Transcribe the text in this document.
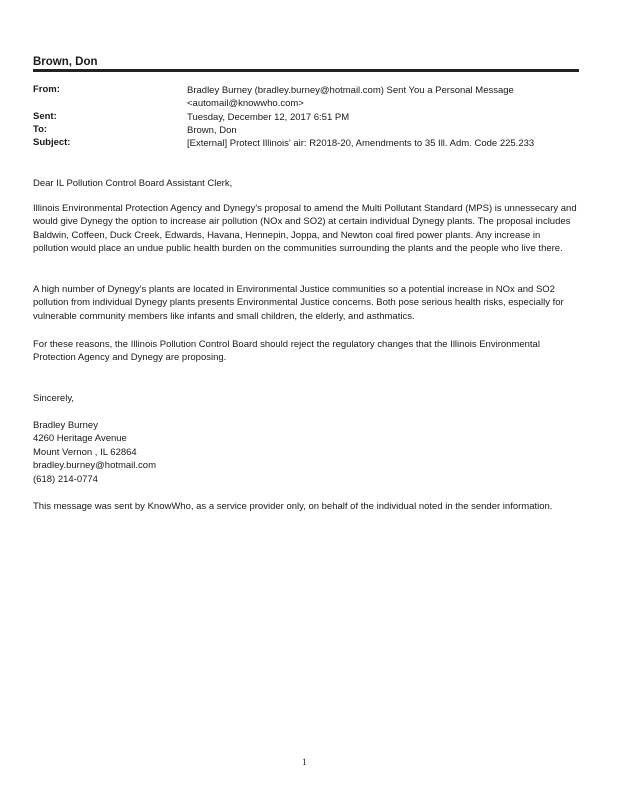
Brown, Don
From:	Bradley Burney (bradley.burney@hotmail.com) Sent You a Personal Message <automail@knowwho.com>
Sent:	Tuesday, December 12, 2017 6:51 PM
To:	Brown, Don
Subject:	[External] Protect Illinois' air: R2018-20, Amendments to 35 Ill. Adm. Code 225.233
Dear IL Pollution Control Board Assistant Clerk,
Illinois Environmental Protection Agency and Dynegy's proposal to amend the Multi Pollutant Standard (MPS) is unnessecary and would give Dynegy the option to increase air pollution (NOx and SO2) at certain individual Dynegy plants. The proposal includes Baldwin, Coffeen, Duck Creek, Edwards, Havana, Hennepin, Joppa, and Newton coal fired power plants. Any increase in pollution would place an undue public health burden on the communities surrounding the plants and the people who live there.
A high number of Dynegy's plants are located in Environmental Justice communities so a potential increase in NOx and SO2 pollution from individual Dynegy plants presents Environmental Justice concerns. Both pose serious health risks, especially for vulnerable community members like infants and small children, the elderly, and asthmatics.
For these reasons, the Illinois Pollution Control Board should reject the regulatory changes that the Illinois Environmental Protection Agency and Dynegy are proposing.
Sincerely,
Bradley Burney
4260 Heritage Avenue
Mount Vernon , IL 62864
bradley.burney@hotmail.com
(618) 214-0774
This message was sent by KnowWho, as a service provider only, on behalf of the individual noted in the sender information.
1
